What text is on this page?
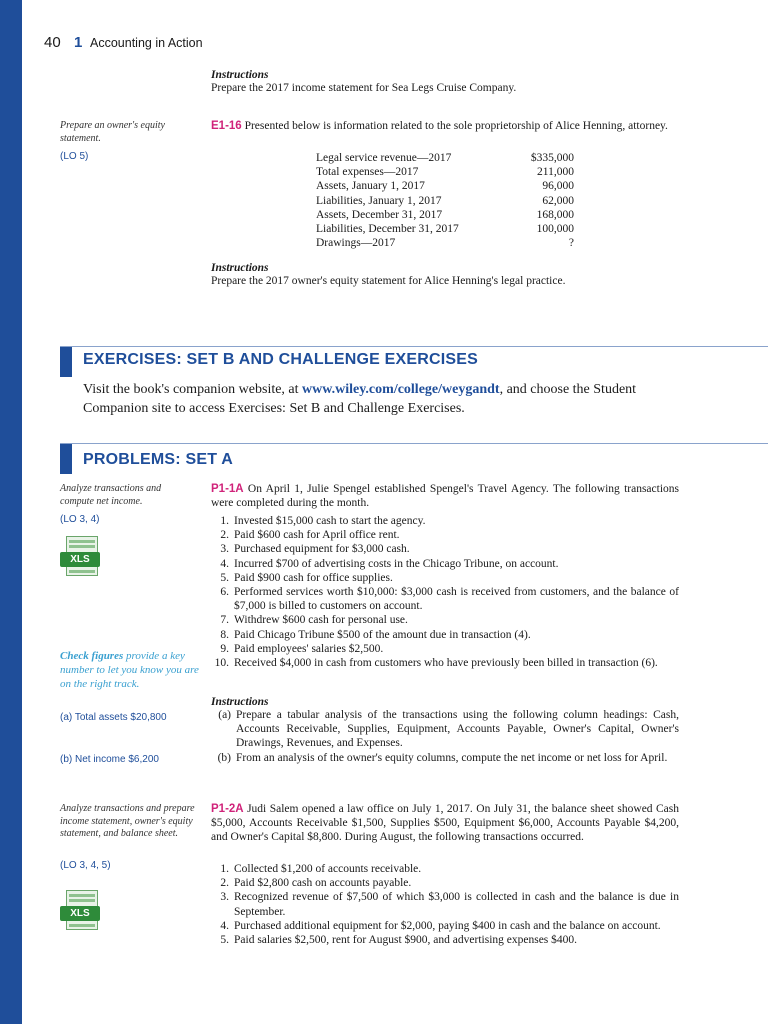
40 1 Accounting in Action
Instructions
Prepare the 2017 income statement for Sea Legs Cruise Company.
Prepare an owner's equity statement.
(LO 5)
E1-16 Presented below is information related to the sole proprietorship of Alice Henning, attorney.
Legal service revenue—2017	$335,000
Total expenses—2017	211,000
Assets, January 1, 2017	96,000
Liabilities, January 1, 2017	62,000
Assets, December 31, 2017	168,000
Liabilities, December 31, 2017	100,000
Drawings—2017	?
Instructions
Prepare the 2017 owner's equity statement for Alice Henning's legal practice.
EXERCISES: SET B AND CHALLENGE EXERCISES
Visit the book's companion website, at www.wiley.com/college/weygandt, and choose the Student Companion site to access Exercises: Set B and Challenge Exercises.
PROBLEMS: SET A
Analyze transactions and compute net income.
(LO 3, 4)
XLS
Check figures provide a key number to let you know you are on the right track.
(a) Total assets $20,800
(b) Net income $6,200
P1-1A On April 1, Julie Spengel established Spengel's Travel Agency. The following transactions were completed during the month.
1. Invested $15,000 cash to start the agency.
2. Paid $600 cash for April office rent.
3. Purchased equipment for $3,000 cash.
4. Incurred $700 of advertising costs in the Chicago Tribune, on account.
5. Paid $900 cash for office supplies.
6. Performed services worth $10,000: $3,000 cash is received from customers, and the balance of $7,000 is billed to customers on account.
7. Withdrew $600 cash for personal use.
8. Paid Chicago Tribune $500 of the amount due in transaction (4).
9. Paid employees' salaries $2,500.
10. Received $4,000 in cash from customers who have previously been billed in transaction (6).
Instructions
(a) Prepare a tabular analysis of the transactions using the following column headings: Cash, Accounts Receivable, Supplies, Equipment, Accounts Payable, Owner's Capital, Owner's Drawings, Revenues, and Expenses.
(b) From an analysis of the owner's equity columns, compute the net income or net loss for April.
Analyze transactions and prepare income statement, owner's equity statement, and balance sheet.
(LO 3, 4, 5)
XLS
P1-2A Judi Salem opened a law office on July 1, 2017. On July 31, the balance sheet showed Cash $5,000, Accounts Receivable $1,500, Supplies $500, Equipment $6,000, Accounts Payable $4,200, and Owner's Capital $8,800. During August, the following transactions occurred.
1. Collected $1,200 of accounts receivable.
2. Paid $2,800 cash on accounts payable.
3. Recognized revenue of $7,500 of which $3,000 is collected in cash and the balance is due in September.
4. Purchased additional equipment for $2,000, paying $400 in cash and the balance on account.
5. Paid salaries $2,500, rent for August $900, and advertising expenses $400.
